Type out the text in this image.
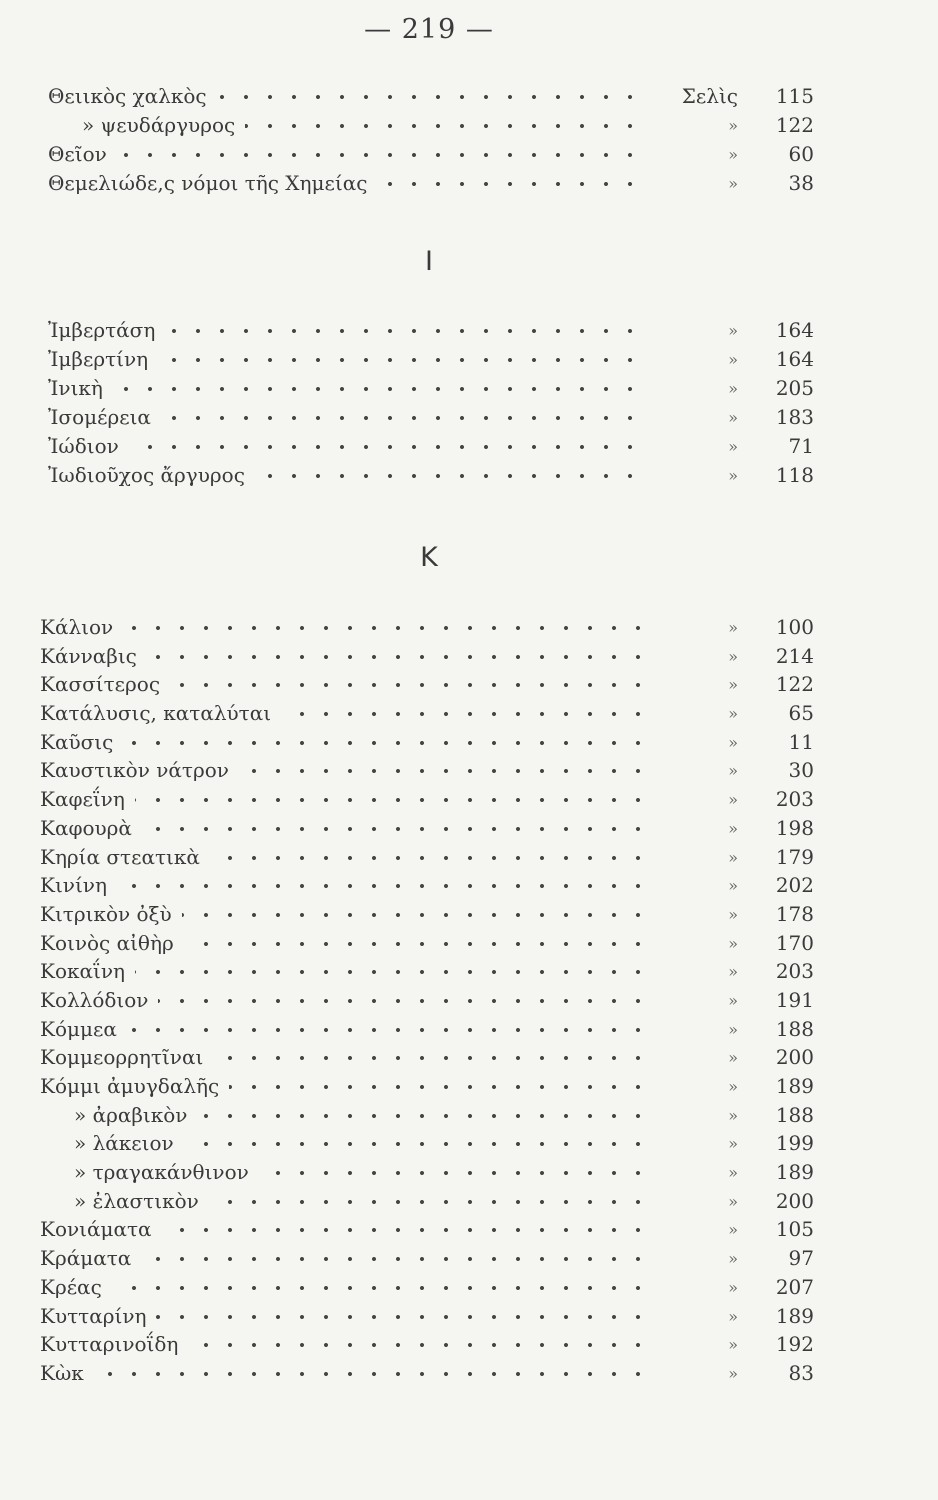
— 219 —
Θειικὸς χαλκὸς	Σελὶς	115
» ψευδάργυρος	»	122
Θεῖον	»	60
Θεμελιώδε,ς νόμοι τῆς Χημείας	»	38
Ι
Ἰμβερτάση	»	164
Ἰμβερτίνη	»	164
Ἰνικὴ	»	205
Ἰσομέρεια	»	183
Ἰώδιον	»	71
Ἰωδιοῦχος ἄργυρος	»	118
Κ
Κάλιον	»	100
Κάνναβις	»	214
Κασσίτερος	»	122
Κατάλυσις, καταλύται	»	65
Καῦσις	»	11
Καυστικὸν νάτρον	»	30
Καφεΐνη	»	203
Καφουρὰ	»	198
Κηρία στεατικὰ	»	179
Κινίνη	»	202
Κιτρικὸν ὀξὺ	»	178
Κοινὸς αἰθὴρ	»	170
Κοκαΐνη	»	203
Κολλόδιον	»	191
Κόμμεα	»	188
Κομμεορρητῖναι	»	200
Κόμμι ἀμυγδαλῆς	»	189
» ἀραβικὸν	»	188
» λάκειον	»	199
» τραγακάνθινον	»	189
» ἐλαστικὸν	»	200
Κονιάματα	»	105
Κράματα	»	97
Κρέας	»	207
Κυτταρίνη	»	189
Κυτταρινοΐδη	»	192
Κὼκ	»	83
